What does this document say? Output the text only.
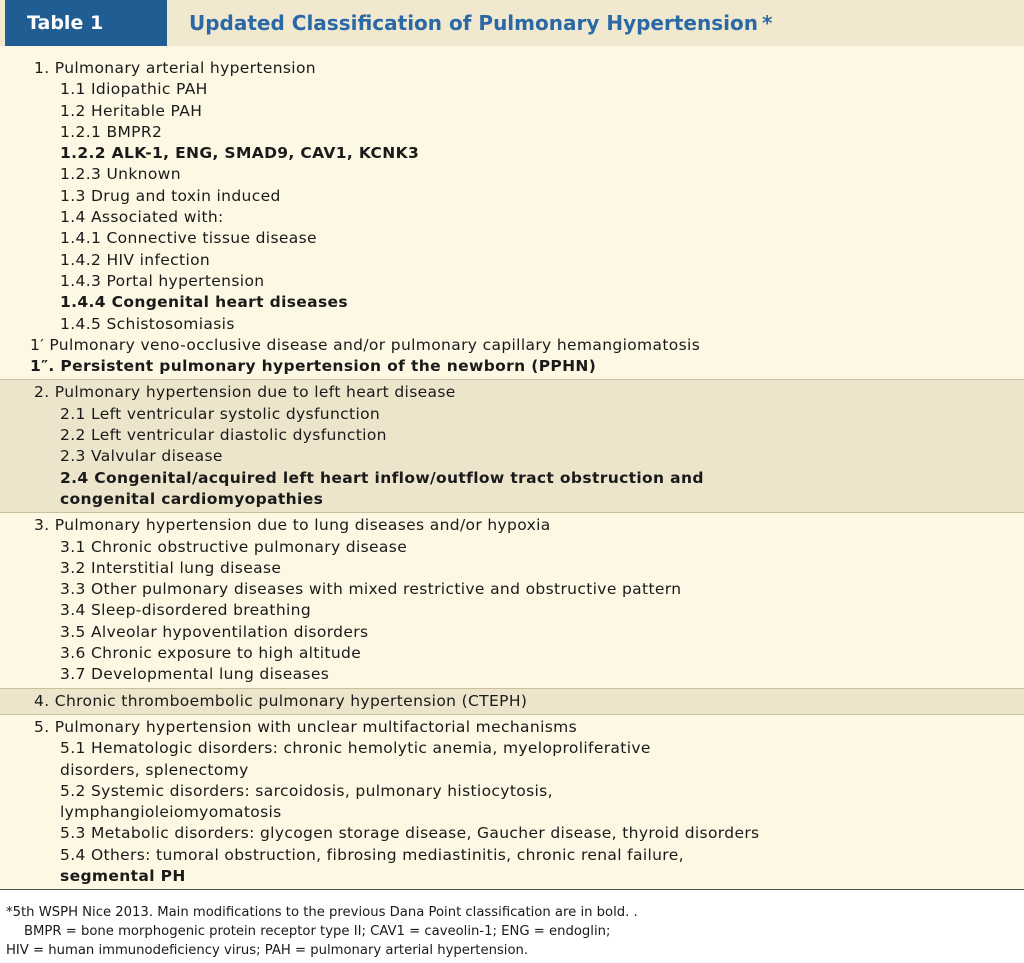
Table 1	Updated Classification of Pulmonary Hypertension *
1. Pulmonary arterial hypertension
1.1 Idiopathic PAH
1.2 Heritable PAH
1.2.1 BMPR2
1.2.2 ALK-1, ENG, SMAD9, CAV1, KCNK3
1.2.3 Unknown
1.3 Drug and toxin induced
1.4 Associated with:
1.4.1 Connective tissue disease
1.4.2 HIV infection
1.4.3 Portal hypertension
1.4.4 Congenital heart diseases
1.4.5 Schistosomiasis
1′ Pulmonary veno-occlusive disease and/or pulmonary capillary hemangiomatosis
1″. Persistent pulmonary hypertension of the newborn (PPHN)
2. Pulmonary hypertension due to left heart disease
2.1 Left ventricular systolic dysfunction
2.2 Left ventricular diastolic dysfunction
2.3 Valvular disease
2.4 Congenital/acquired left heart inflow/outflow tract obstruction and
congenital cardiomyopathies
3. Pulmonary hypertension due to lung diseases and/or hypoxia
3.1 Chronic obstructive pulmonary disease
3.2 Interstitial lung disease
3.3 Other pulmonary diseases with mixed restrictive and obstructive pattern
3.4 Sleep-disordered breathing
3.5 Alveolar hypoventilation disorders
3.6 Chronic exposure to high altitude
3.7 Developmental lung diseases
4. Chronic thromboembolic pulmonary hypertension (CTEPH)
5. Pulmonary hypertension with unclear multifactorial mechanisms
5.1 Hematologic disorders: chronic hemolytic anemia, myeloproliferative
disorders, splenectomy
5.2 Systemic disorders: sarcoidosis, pulmonary histiocytosis,
lymphangioleiomyomatosis
5.3 Metabolic disorders: glycogen storage disease, Gaucher disease, thyroid disorders
5.4 Others: tumoral obstruction, fibrosing mediastinitis, chronic renal failure,
segmental PH
*5th WSPH Nice 2013. Main modifications to the previous Dana Point classification are in bold. .
BMPR = bone morphogenic protein receptor type II; CAV1 = caveolin-1; ENG = endoglin;
HIV = human immunodeficiency virus; PAH = pulmonary arterial hypertension.
